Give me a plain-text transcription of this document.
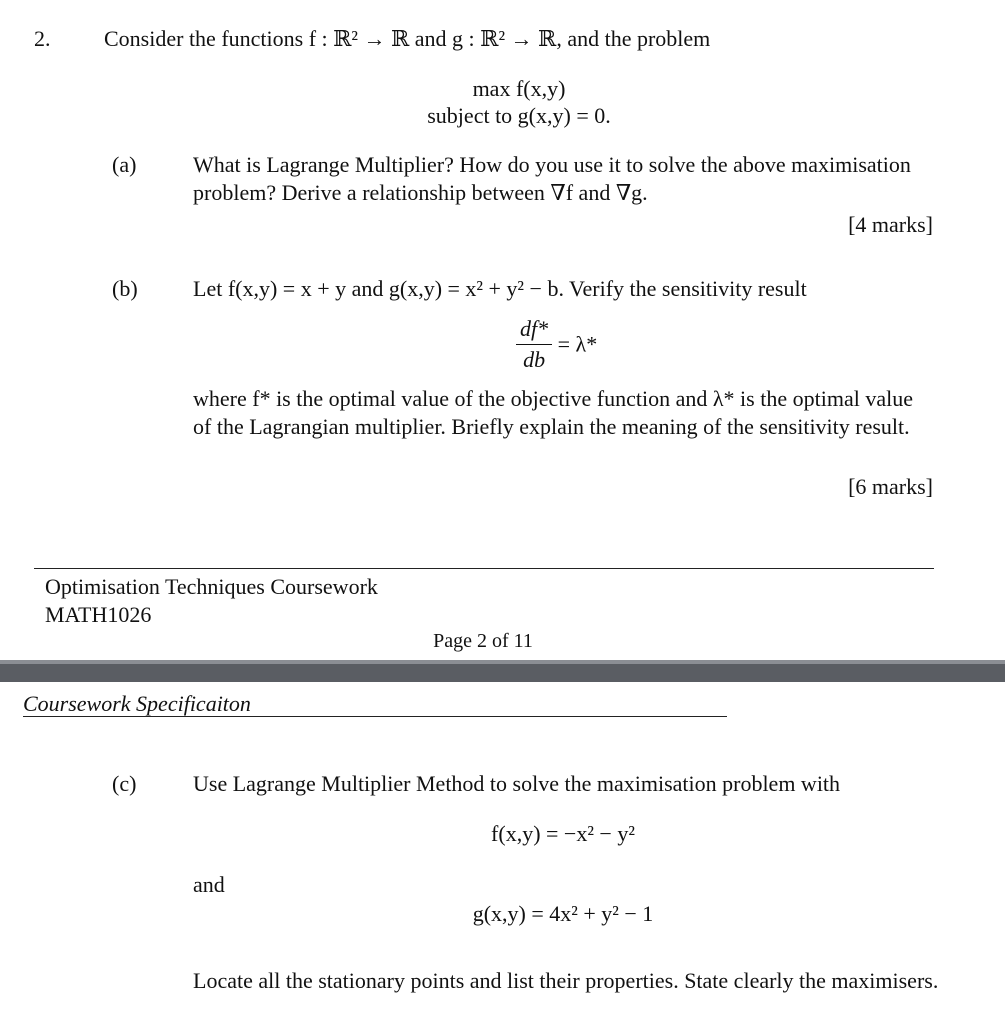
2. Consider the functions f : ℝ² → ℝ and g : ℝ² → ℝ, and the problem
max f(x,y)
subject to g(x,y) = 0.
(a)	What is Lagrange Multiplier? How do you use it to solve the above maximisation
problem? Derive a relationship between ∇f and ∇g.
[4 marks]
(b)	Let f(x,y) = x + y and g(x,y) = x² + y² − b. Verify the sensitivity result
$\frac{df*}{db} = \lambda*$
where f* is the optimal value of the objective function and λ* is the optimal value
of the Lagrangian multiplier. Briefly explain the meaning of the sensitivity result.
[6 marks]
Optimisation Techniques Coursework
MATH1026
Page 2 of 11
Coursework Specificaiton
(c)	Use Lagrange Multiplier Method to solve the maximisation problem with
f(x,y) = −x² − y²
and
g(x,y) = 4x² + y² − 1
Locate all the stationary points and list their properties. State clearly the maximisers.
